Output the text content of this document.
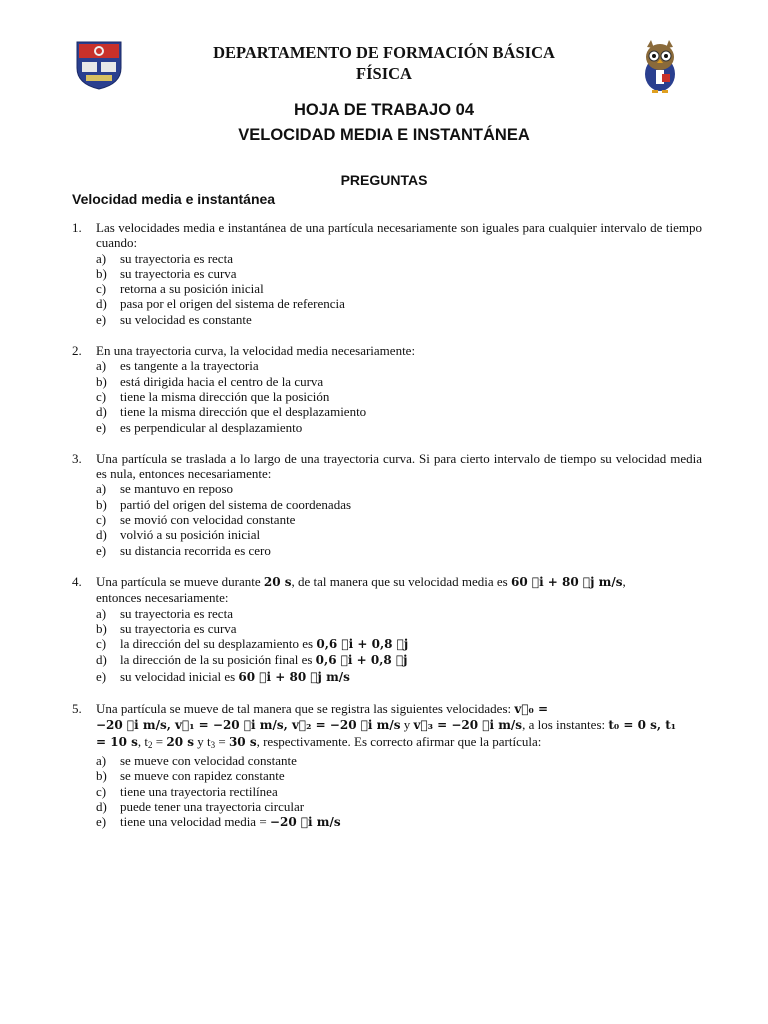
DEPARTAMENTO DE FORMACIÓN BÁSICA
FÍSICA
HOJA DE TRABAJO 04
VELOCIDAD MEDIA E INSTANTÁNEA
PREGUNTAS
Velocidad media e instantánea
1.	Las velocidades media e instantánea de una partícula necesariamente son iguales para cualquier intervalo de tiempo cuando:
a)	su trayectoria es recta
b)	su trayectoria es curva
c)	retorna a su posición inicial
d)	pasa por el origen del sistema de referencia
e)	su velocidad es constante
2.	En una trayectoria curva, la velocidad media necesariamente:
a)	es tangente a la trayectoria
b)	está dirigida hacia el centro de la curva
c)	tiene la misma dirección que la posición
d)	tiene la misma dirección que el desplazamiento
e)	es perpendicular al desplazamiento
3.	Una partícula se traslada a lo largo de una trayectoria curva. Si para cierto intervalo de tiempo su velocidad media es nula, entonces necesariamente:
a)	se mantuvo en reposo
b)	partió del origen del sistema de coordenadas
c)	se movió con velocidad constante
d)	volvió a su posición inicial
e)	su distancia recorrida es cero
4.	Una partícula se mueve durante 20 s, de tal manera que su velocidad media es 60 ⃗i + 80 ⃗j m/s,
entonces necesariamente:
a)	su trayectoria es recta
b)	su trayectoria es curva
c)	la dirección del su desplazamiento es 0,6 ⃗i + 0,8 ⃗j
d)	la dirección de la su posición final es 0,6 ⃗i + 0,8 ⃗j
e)	su velocidad inicial es 60 ⃗i + 80 ⃗j m/s
5.	Una partícula se mueve de tal manera que se registra las siguientes velocidades: v⃗₀ =
−20 ⃗i m/s, v⃗₁ = −20 ⃗i m/s, v⃗₂ = −20 ⃗i m/s y v⃗₃ = −20 ⃗i m/s, a los instantes: t₀ = 0 s, t₁
= 10 s, $t_2 = 20$ s y $t_3 = 30$ s, respectivamente. Es correcto afirmar que la partícula:
a)	se mueve con velocidad constante
b)	se mueve con rapidez constante
c)	tiene una trayectoria rectilínea
d)	puede tener una trayectoria circular
e)	tiene una velocidad media = −20 ⃗i m/s
